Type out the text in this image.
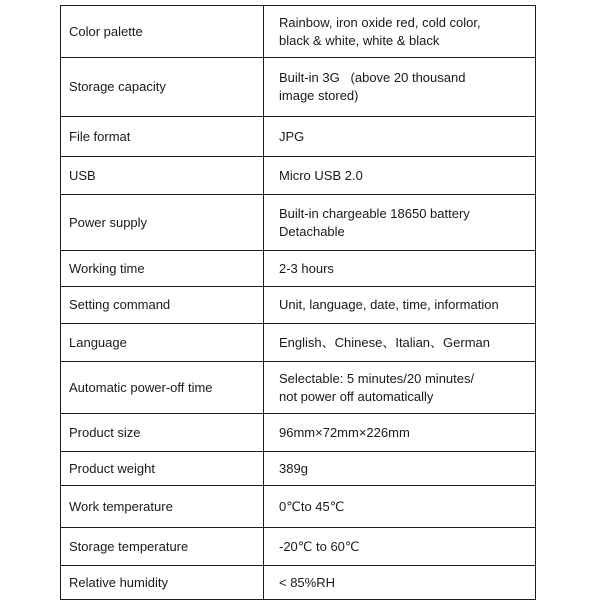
Color palette	Rainbow, iron oxide red, cold color,
black & white, white & black

Storage capacity	Built-in 3G   (above 20 thousand
image stored)

File format	JPG

USB	Micro USB 2.0

Power supply	Built-in chargeable 18650 battery
Detachable

Working time	2-3 hours

Setting command	Unit, language, date, time, information

Language	English、Chinese、Italian、German

Automatic power-off time	Selectable: 5 minutes/20 minutes/
not power off automatically

Product size	96mm×72mm×226mm

Product weight	389g

Work temperature	0℃to 45℃

Storage temperature	-20℃ to 60℃

Relative humidity	< 85%RH
